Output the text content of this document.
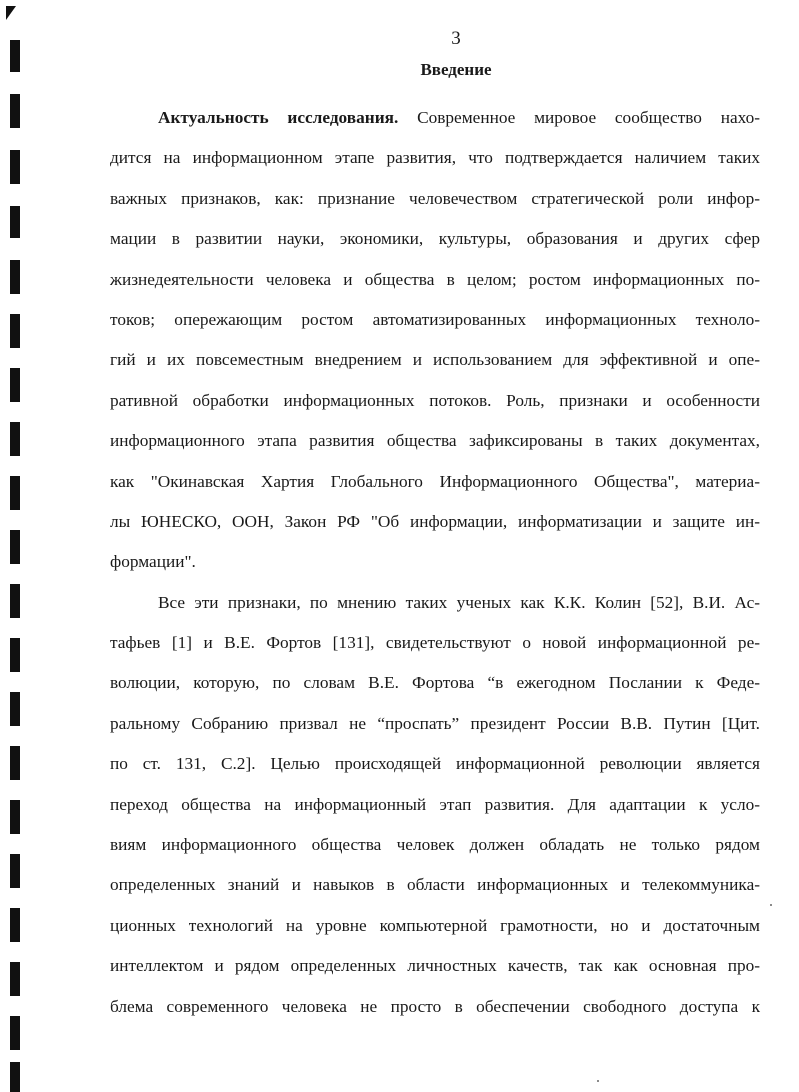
3
Введение
Актуальность исследования. Современное мировое сообщество нахо-
дится на информационном этапе развития, что подтверждается наличием таких
важных признаков, как: признание человечеством стратегической роли инфор-
мации в развитии науки, экономики, культуры, образования и других сфер
жизнедеятельности человека и общества в целом; ростом информационных по-
токов; опережающим ростом автоматизированных информационных техноло-
гий и их повсеместным внедрением и использованием для эффективной и опе-
ративной обработки информационных потоков. Роль, признаки и особенности
информационного этапа развития общества зафиксированы в таких документах,
как "Окинавская Хартия Глобального Информационного Общества", материа-
лы ЮНЕСКО, ООН, Закон РФ "Об информации, информатизации и защите ин-
формации".
Все эти признаки, по мнению таких ученых как К.К. Колин [52], В.И. Ас-
тафьев [1] и В.Е. Фортов [131], свидетельствуют о новой информационной ре-
волюции, которую, по словам В.Е. Фортова “в ежегодном Послании к Феде-
ральному Собранию призвал не “проспать” президент России В.В. Путин [Цит.
по ст. 131, С.2]. Целью происходящей информационной революции является
переход общества на информационный этап развития. Для адаптации к усло-
виям информационного общества человек должен обладать не только рядом
определенных знаний и навыков в области информационных и телекоммуника-
ционных технологий на уровне компьютерной грамотности, но и достаточным
интеллектом и рядом определенных личностных качеств, так как основная про-
блема современного человека не просто в обеспечении свободного доступа к
